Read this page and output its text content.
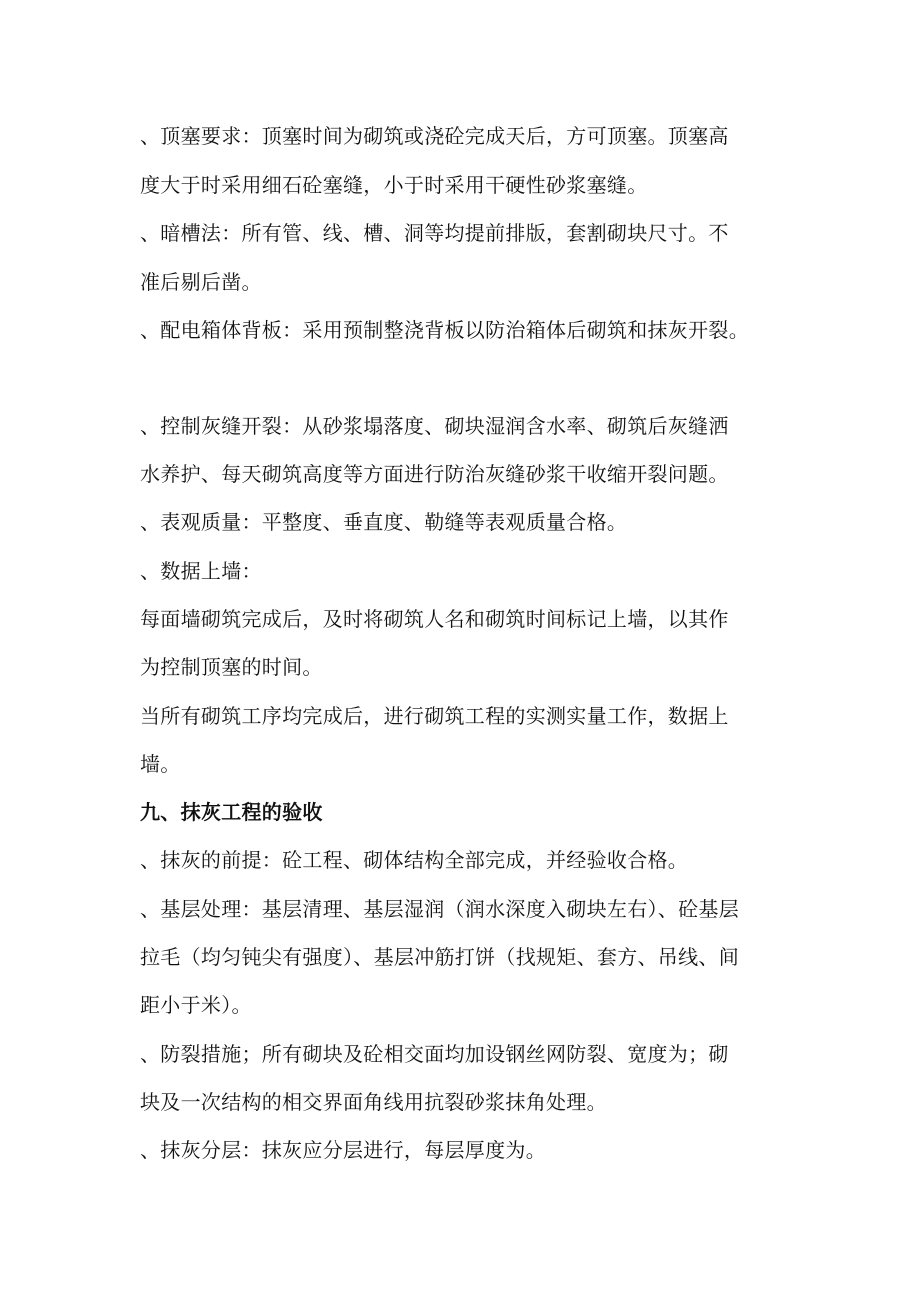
、顶塞要求：顶塞时间为砌筑或浇砼完成天后，方可顶塞。顶塞高
度大于时采用细石砼塞缝，小于时采用干硬性砂浆塞缝。
、暗槽法：所有管、线、槽、洞等均提前排版，套割砌块尺寸。不
准后剔后凿。
、配电箱体背板：采用预制整浇背板以防治箱体后砌筑和抹灰开裂。
、控制灰缝开裂：从砂浆塌落度、砌块湿润含水率、砌筑后灰缝洒
水养护、每天砌筑高度等方面进行防治灰缝砂浆干收缩开裂问题。
、表观质量：平整度、垂直度、勒缝等表观质量合格。
、数据上墙：
每面墙砌筑完成后，及时将砌筑人名和砌筑时间标记上墙，以其作
为控制顶塞的时间。
当所有砌筑工序均完成后，进行砌筑工程的实测实量工作，数据上
墙。
九、抹灰工程的验收
、抹灰的前提：砼工程、砌体结构全部完成，并经验收合格。
、基层处理：基层清理、基层湿润（润水深度入砌块左右）、砼基层
拉毛（均匀钝尖有强度）、基层冲筋打饼（找规矩、套方、吊线、间
距小于米）。
、防裂措施；所有砌块及砼相交面均加设钢丝网防裂、宽度为；砌
块及一次结构的相交界面角线用抗裂砂浆抹角处理。
、抹灰分层：抹灰应分层进行，每层厚度为。
